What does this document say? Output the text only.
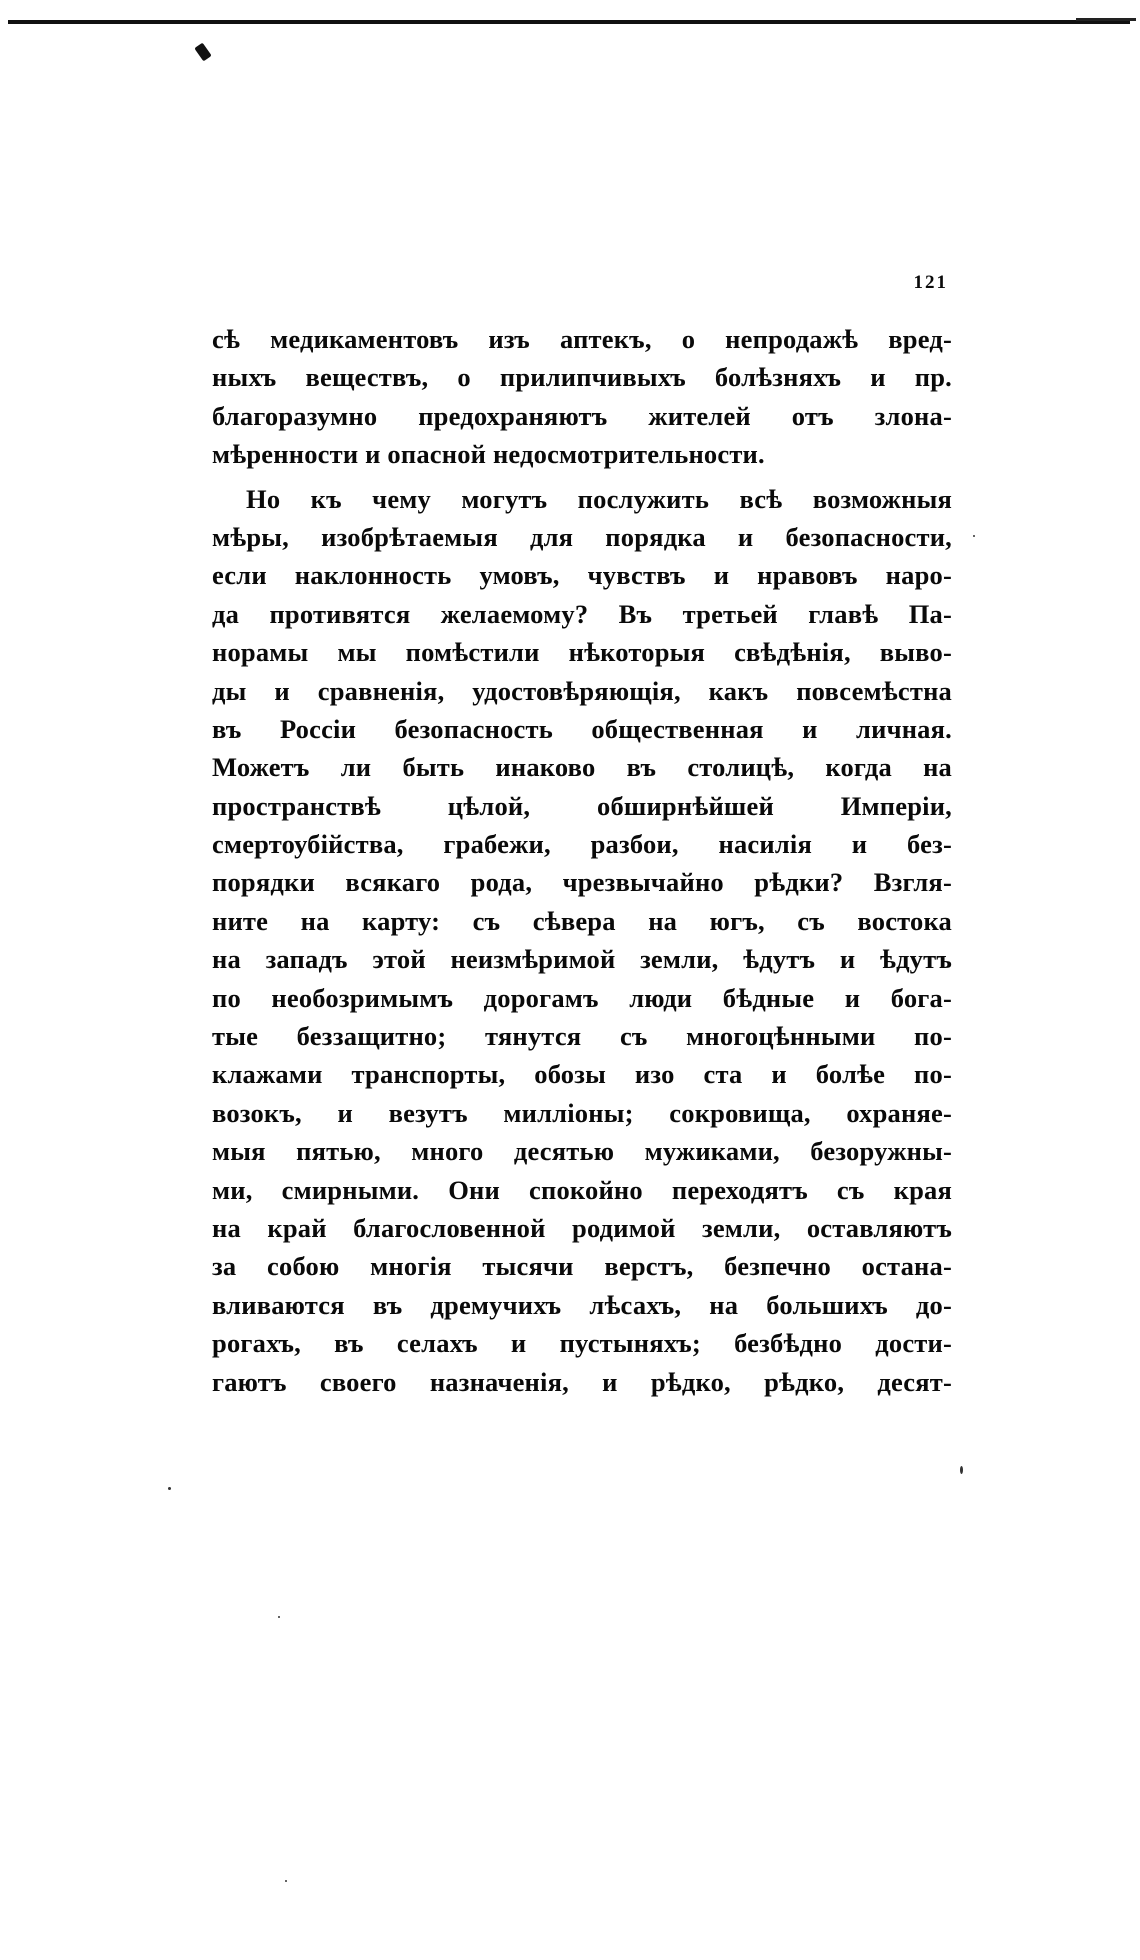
121
сѣ медикаментовъ изъ аптекъ, о непродажѣ вред-
ныхъ веществъ, о прилипчивыхъ болѣзняхъ и пр.
благоразумно предохраняютъ жителей отъ злона-
мѣренности и опасной недосмотрительности.
Но къ чему могутъ послужить всѣ возможныя
мѣры, изобрѣтаемыя для порядка и безопасности,
если наклонность умовъ, чувствъ и нравовъ наро-
да противятся желаемому? Въ третьей главѣ Па-
норамы мы помѣстили нѣкоторыя свѣдѣнія, выво-
ды и сравненія, удостовѣряющія, какъ повсемѣстна
въ Россіи безопасность общественная и личная.
Можетъ ли быть инаково въ столицѣ, когда на
пространствѣ цѣлой, обширнѣйшей Имперіи,
смертоубійства, грабежи, разбои, насилія и без-
порядки всякаго рода, чрезвычайно рѣдки? Взгля-
ните на карту: съ сѣвера на югъ, съ востока
на западъ этой неизмѣримой земли, ѣдутъ и ѣдутъ
по необозримымъ дорогамъ люди бѣдные и бога-
тые беззащитно; тянутся съ многоцѣнными по-
клажами транспорты, обозы изо ста и болѣе по-
возокъ, и везутъ милліоны; сокровища, охраняе-
мыя пятью, много десятью мужиками, безоружны-
ми, смирными. Они спокойно переходятъ съ края
на край благословенной родимой земли, оставляютъ
за собою многія тысячи верстъ, безпечно остана-
вливаются въ дремучихъ лѣсахъ, на большихъ до-
рогахъ, въ селахъ и пустыняхъ; безбѣдно дости-
гаютъ своего назначенія, и рѣдко, рѣдко, десят-
